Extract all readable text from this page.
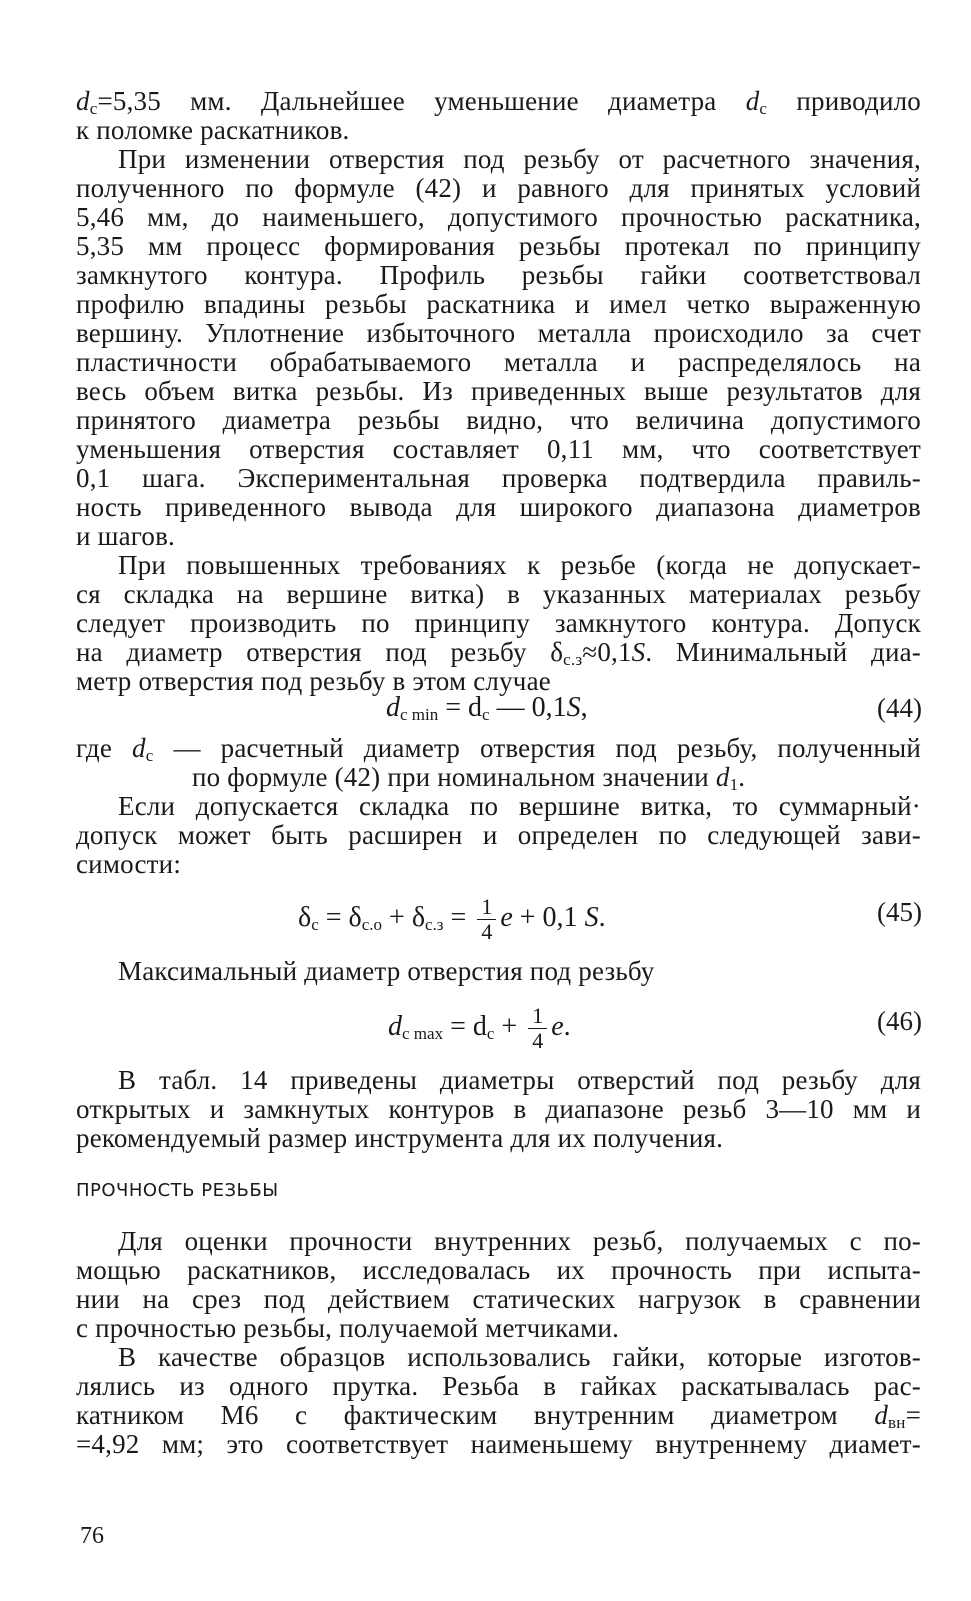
$d_c=5,35$ мм. Дальнейшее уменьшение диаметра $d_c$ приводило
к поломке раскатников.
При изменении отверстия под резьбу от расчетного значения,
полученного по формуле (42) и равного для принятых условий
5,46 мм, до наименьшего, допустимого прочностью раскатника,
5,35 мм процесс формирования резьбы протекал по принципу
замкнутого контура. Профиль резьбы гайки соответствовал
профилю впадины резьбы раскатника и имел четко выраженную
вершину. Уплотнение избыточного металла происходило за счет
пластичности обрабатываемого металла и распределялось на
весь объем витка резьбы. Из приведенных выше результатов для
принятого диаметра резьбы видно, что величина допустимого
уменьшения отверстия составляет 0,11 мм, что соответствует
0,1 шага. Экспериментальная проверка подтвердила правиль-
ность приведенного вывода для широкого диапазона диаметров
и шагов.
При повышенных требованиях к резьбе (когда не допускает-
ся складка на вершине витка) в указанных материалах резьбу
следует производить по принципу замкнутого контура. Допуск
на диаметр отверстия под резьбу $\delta_{c.з}\approx 0,1S$. Минимальный диа-
метр отверстия под резьбу в этом случае
$d_{c min} = d_c$ — 0,1S,	(44)
где $d_c$ — расчетный диаметр отверстия под резьбу, полученный
по формуле (42) при номинальном значении $d_1$.
Если допускается складка по вершине витка, то суммарный·
допуск может быть расширен и определен по следующей зави-
симости:
$\delta_c = \delta_{c.o} + \delta_{c.з} = \frac{1}{4}$ e + 0,1 S.	(45)
Максимальный диаметр отверстия под резьбу
$d_{c max} = d_c + \frac{1}{4} e$.	(46)
В табл. 14 приведены диаметры отверстий под резьбу для
открытых и замкнутых контуров в диапазоне резьб 3—10 мм и
рекомендуемый размер инструмента для их получения.
ПРОЧНОСТЬ РЕЗЬБЫ
Для оценки прочности внутренних резьб, получаемых с по-
мощью раскатников, исследовалась их прочность при испыта-
нии на срез под действием статических нагрузок в сравнении
с прочностью резьбы, получаемой метчиками.
В качестве образцов использовались гайки, которые изготов-
лялись из одного прутка. Резьба в гайках раскатывалась рас-
катником М6 с фактическим внутренним диаметром $d_{вн}=$
=4,92 мм; это соответствует наименьшему внутреннему диамет-
76
